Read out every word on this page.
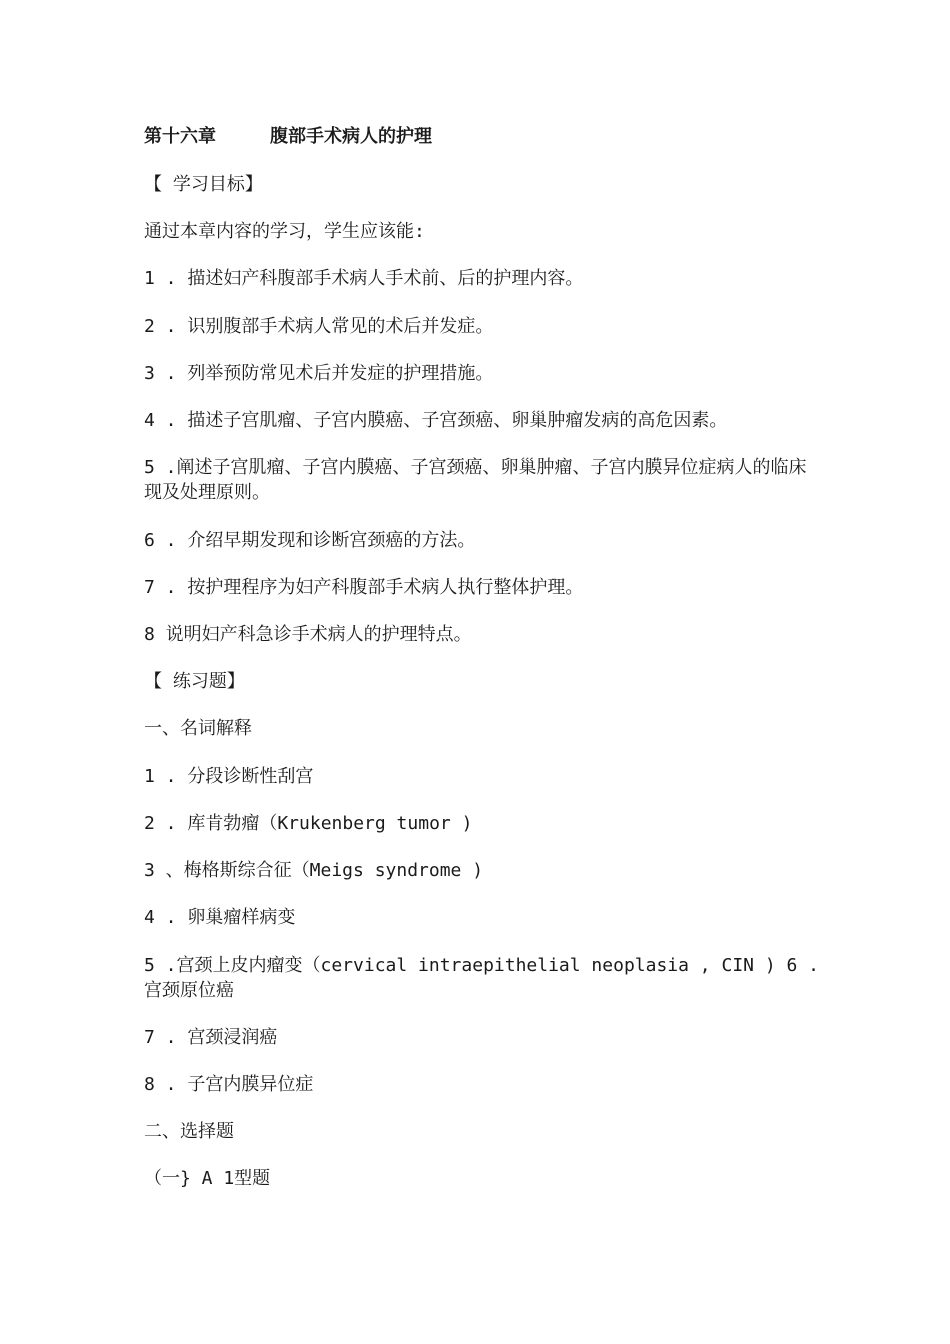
第十六章　　　腹部手术病人的护理
【 学习目标】
通过本章内容的学习，学生应该能:
1 . 描述妇产科腹部手术病人手术前、后的护理内容。
2 . 识别腹部手术病人常见的术后并发症。
3 . 列举预防常见术后并发症的护理措施。
4 . 描述子宫肌瘤、子宫内膜癌、子宫颈癌、卵巢肿瘤发病的高危因素。
5 .阐述子宫肌瘤、子宫内膜癌、子宫颈癌、卵巢肿瘤、子宫内膜异位症病人的临床现及处理原则。
6 . 介绍早期发现和诊断宫颈癌的方法。
7 . 按护理程序为妇产科腹部手术病人执行整体护理。
8 说明妇产科急诊手术病人的护理特点。
【 练习题】
一、名词解释
1 . 分段诊断性刮宫
2 . 库肯勃瘤（Krukenberg tumor )
3 、梅格斯综合征（Meigs syndrome )
4 . 卵巢瘤样病变
5 .宫颈上皮内瘤变（cervical intraepithelial neoplasia , CIN ) 6 .宫颈原位癌
7 . 宫颈浸润癌
8 . 子宫内膜异位症
二、选择题
（一} A 1型题
